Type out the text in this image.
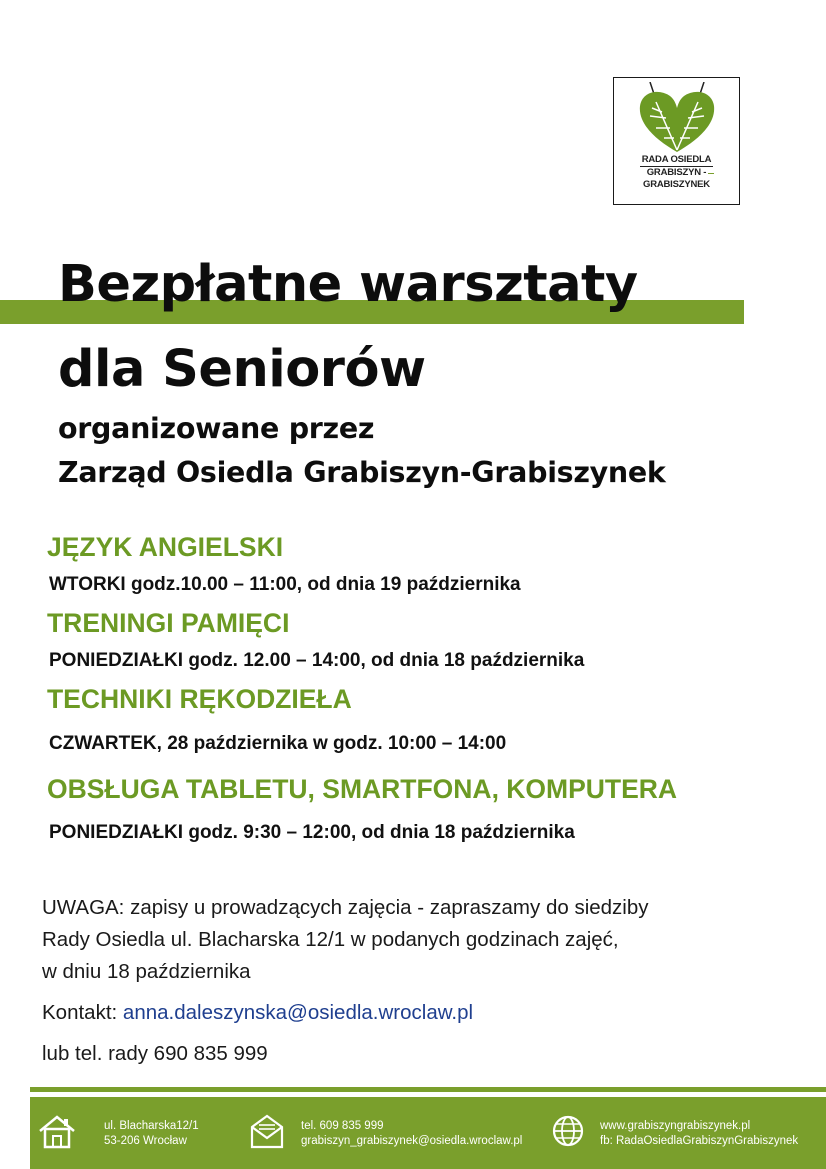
RADA OSIEDLA
GRABISZYN -
GRABISZYNEK
Bezpłatne warsztaty
dla Seniorów
organizowane przez
Zarząd Osiedla Grabiszyn-Grabiszynek
JĘZYK ANGIELSKI
WTORKI godz.10.00 – 11:00, od dnia 19 października
TRENINGI PAMIĘCI
PONIEDZIAŁKI godz. 12.00 – 14:00, od dnia 18 października
TECHNIKI RĘKODZIEŁA
CZWARTEK, 28 października w godz. 10:00 – 14:00
OBSŁUGA TABLETU, SMARTFONA, KOMPUTERA
PONIEDZIAŁKI godz. 9:30 – 12:00, od dnia 18 października
UWAGA: zapisy u prowadzących zajęcia - zapraszamy do siedziby
Rady Osiedla ul. Blacharska 12/1 w podanych godzinach zajęć,
w dniu 18 października
Kontakt: anna.daleszynska@osiedla.wroclaw.pl
lub tel. rady 690 835 999
ul. Blacharska12/1
53-206 Wrocław
tel. 609 835 999
grabiszyn_grabiszynek@osiedla.wroclaw.pl
www.grabiszyngrabiszynek.pl
fb: RadaOsiedlaGrabiszynGrabiszynek
